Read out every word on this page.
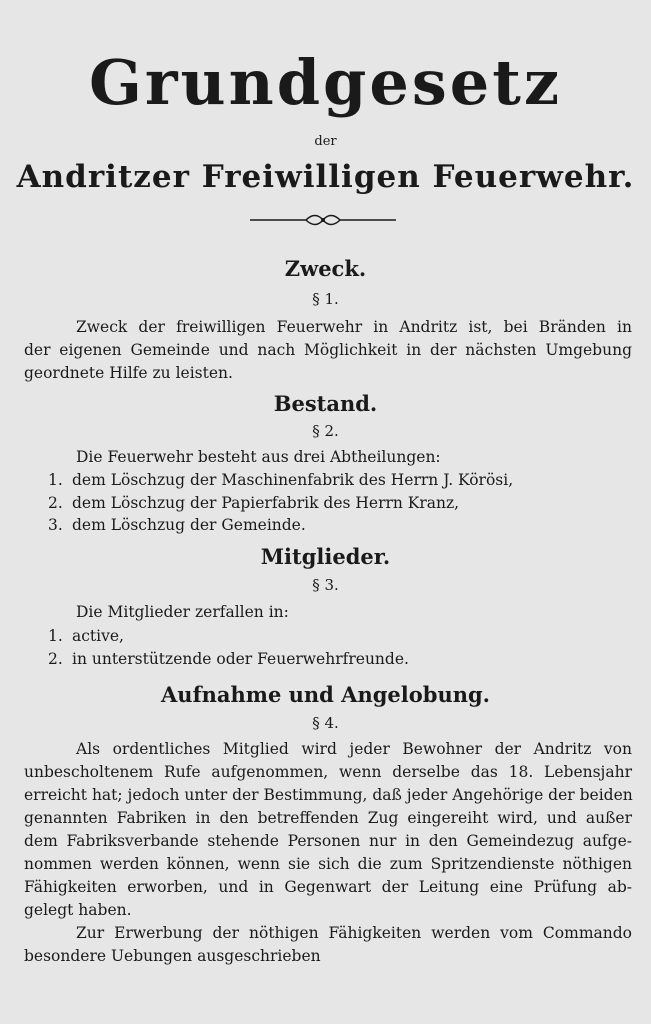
Grundgesetz
der
Andritzer Freiwilligen Feuerwehr.
Zweck.
§ 1.
Zweck der freiwilligen Feuerwehr in Andritz ist, bei Bränden in
der eigenen Gemeinde und nach Möglichkeit in der nächsten Umgebung
geordnete Hilfe zu leisten.
Bestand.
§ 2.
Die Feuerwehr besteht aus drei Abtheilungen:
1. dem Löschzug der Maschinenfabrik des Herrn J. Körösi,
2. dem Löschzug der Papierfabrik des Herrn Kranz,
3. dem Löschzug der Gemeinde.
Mitglieder.
§ 3.
Die Mitglieder zerfallen in:
1. active,
2. in unterstützende oder Feuerwehrfreunde.
Aufnahme und Angelobung.
§ 4.
Als ordentliches Mitglied wird jeder Bewohner der Andritz von
unbescholtenem Rufe aufgenommen, wenn derselbe das 18. Lebensjahr
erreicht hat; jedoch unter der Bestimmung, daß jeder Angehörige der beiden
genannten Fabriken in den betreffenden Zug eingereiht wird, und außer
dem Fabriksverbande stehende Personen nur in den Gemeindezug aufge-
nommen werden können, wenn sie sich die zum Spritzendienste nöthigen
Fähigkeiten erworben, und in Gegenwart der Leitung eine Prüfung ab-
gelegt haben.
Zur Erwerbung der nöthigen Fähigkeiten werden vom Commando
besondere Uebungen ausgeschrieben
